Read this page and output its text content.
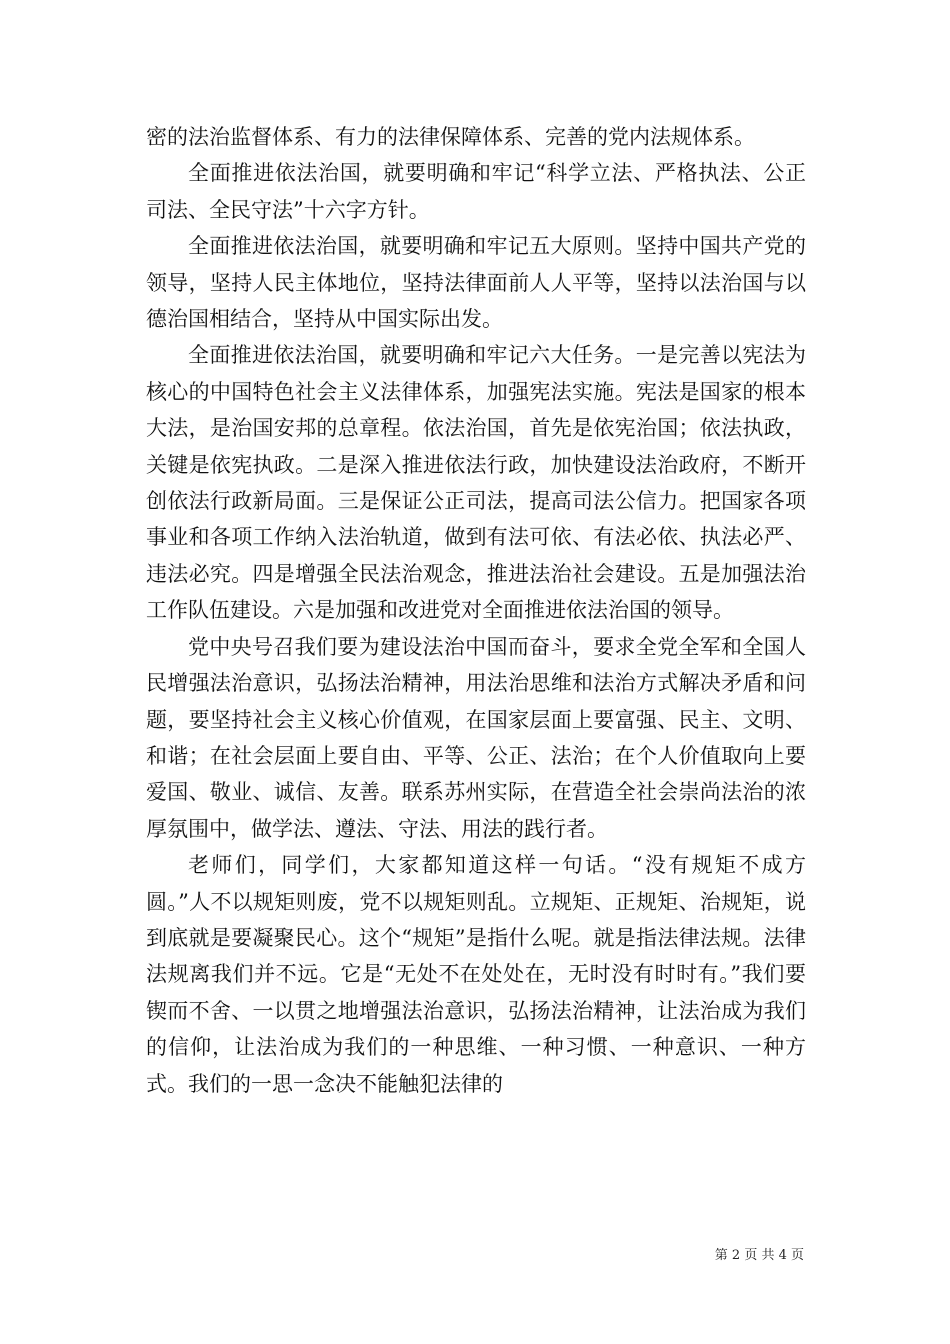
密的法治监督体系、有力的法律保障体系、完善的党内法规体系。

全面推进依法治国，就要明确和牢记“科学立法、严格执法、公正司法、全民守法”十六字方针。

全面推进依法治国，就要明确和牢记五大原则。坚持中国共产党的领导，坚持人民主体地位，坚持法律面前人人平等，坚持以法治国与以德治国相结合，坚持从中国实际出发。

全面推进依法治国，就要明确和牢记六大任务。一是完善以宪法为核心的中国特色社会主义法律体系，加强宪法实施。宪法是国家的根本大法，是治国安邦的总章程。依法治国，首先是依宪治国；依法执政，关键是依宪执政。二是深入推进依法行政，加快建设法治政府，不断开创依法行政新局面。三是保证公正司法，提高司法公信力。把国家各项事业和各项工作纳入法治轨道，做到有法可依、有法必依、执法必严、违法必究。四是增强全民法治观念，推进法治社会建设。五是加强法治工作队伍建设。六是加强和改进党对全面推进依法治国的领导。

党中央号召我们要为建设法治中国而奋斗，要求全党全军和全国人民增强法治意识，弘扬法治精神，用法治思维和法治方式解决矛盾和问题，要坚持社会主义核心价值观，在国家层面上要富强、民主、文明、和谐；在社会层面上要自由、平等、公正、法治；在个人价值取向上要爱国、敬业、诚信、友善。联系苏州实际，在营造全社会崇尚法治的浓厚氛围中，做学法、遵法、守法、用法的践行者。

老师们，同学们，大家都知道这样一句话。“没有规矩不成方圆。”人不以规矩则废，党不以规矩则乱。立规矩、正规矩、治规矩，说到底就是要凝聚民心。这个“规矩”是指什么呢。就是指法律法规。法律法规离我们并不远。它是“无处不在处处在，无时没有时时有。”我们要锲而不舍、一以贯之地增强法治意识，弘扬法治精神，让法治成为我们的信仰，让法治成为我们的一种思维、一种习惯、一种意识、一种方式。我们的一思一念决不能触犯法律的

第 2 页 共 4 页
